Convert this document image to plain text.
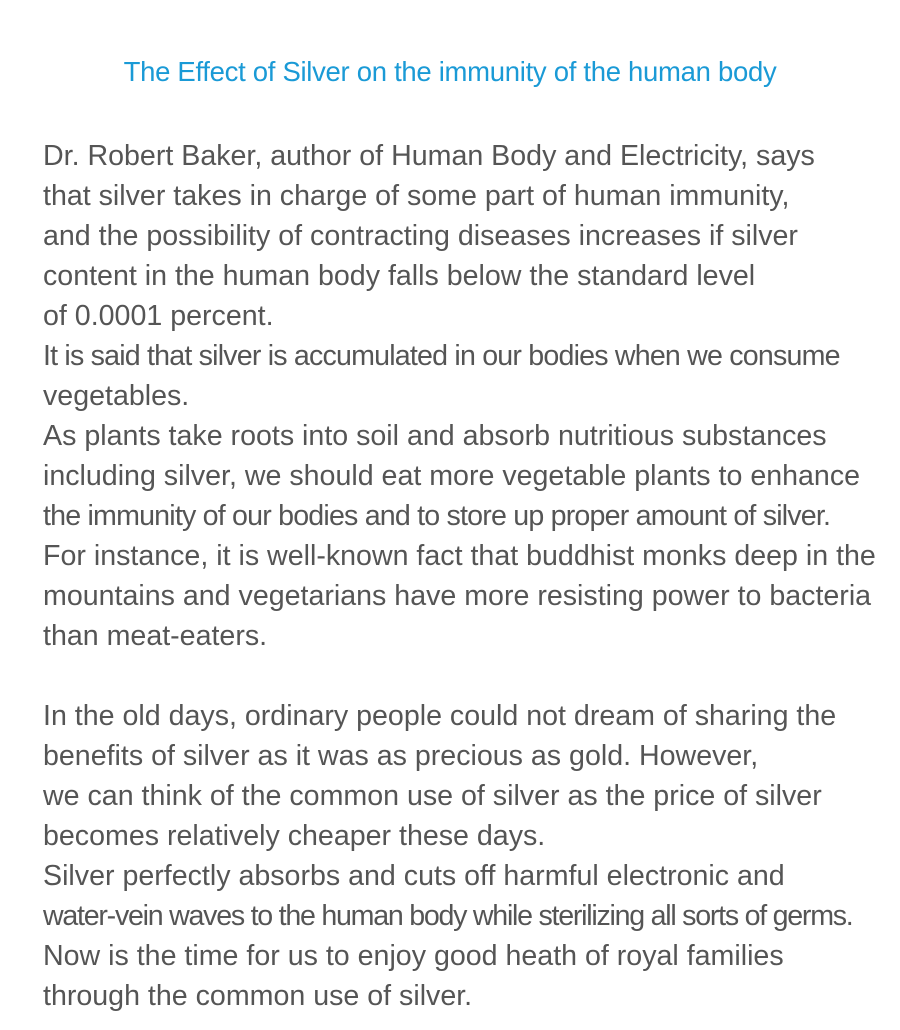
The Effect of Silver on the immunity of the human body
Dr. Robert Baker, author of Human Body and Electricity, says
that silver takes in charge of some part of human immunity,
and the possibility of contracting diseases increases if silver
content in the human body falls below the standard level
of 0.0001 percent.
It is said that silver is accumulated in our bodies when we consume
vegetables.
As plants take roots into soil and absorb nutritious substances
including silver, we should eat more vegetable plants to enhance
the immunity of our bodies and to store up proper amount of silver.
For instance, it is well-known fact that buddhist monks deep in the
mountains and vegetarians have more resisting power to bacteria
than meat-eaters.
In the old days, ordinary people could not dream of sharing the
benefits of silver as it was as precious as gold. However,
we can think of the common use of silver as the price of silver
becomes relatively cheaper these days.
Silver perfectly absorbs and cuts off harmful electronic and
water-vein waves to the human body while sterilizing all sorts of germs.
Now is the time for us to enjoy good heath of royal families
through the common use of silver.
